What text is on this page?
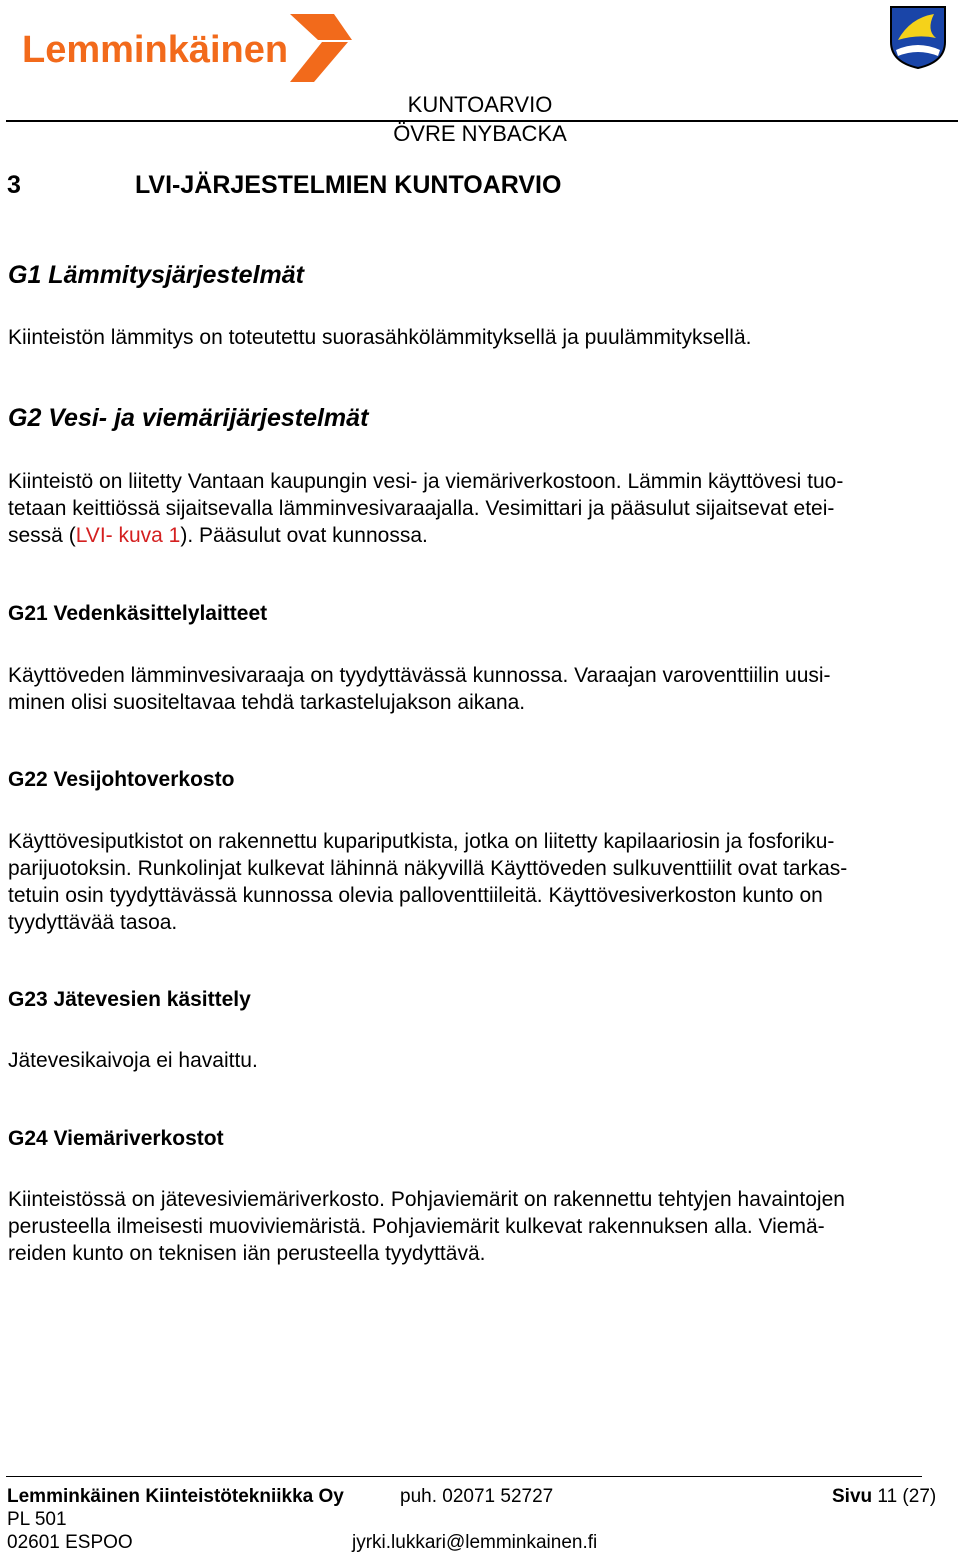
Lemminkäinen
KUNTOARVIO
ÖVRE NYBACKA
3	LVI-JÄRJESTELMIEN KUNTOARVIO
G1 Lämmitysjärjestelmät
Kiinteistön lämmitys on toteutettu suorasähkölämmityksellä ja puulämmityksellä.
G2 Vesi- ja viemärijärjestelmät
Kiinteistö on liitetty Vantaan kaupungin vesi- ja viemäriverkostoon. Lämmin käyttövesi tuo-
tetaan keittiössä sijaitsevalla lämminvesivaraajalla. Vesimittari ja pääsulut sijaitsevat etei-
sessä (LVI- kuva 1). Pääsulut ovat kunnossa.
G21 Vedenkäsittelylaitteet
Käyttöveden lämminvesivaraaja on tyydyttävässä kunnossa. Varaajan varoventtiilin uusi-
minen olisi suositeltavaa tehdä tarkastelujakson aikana.
G22 Vesijohtoverkosto
Käyttövesiputkistot on rakennettu kupariputkista, jotka on liitetty kapilaariosin ja fosforiku-
parijuotoksin. Runkolinjat kulkevat lähinnä näkyvillä Käyttöveden sulkuventtiilit ovat tarkas-
tetuin osin tyydyttävässä kunnossa olevia palloventtiileitä. Käyttövesiverkoston kunto on
tyydyttävää tasoa.
G23 Jätevesien käsittely
Jätevesikaivoja ei havaittu.
G24 Viemäriverkostot
Kiinteistössä on jätevesiviemäriverkosto. Pohjaviemärit on rakennettu tehtyjen havaintojen
perusteella ilmeisesti muoviviemäristä. Pohjaviemärit kulkevat rakennuksen alla. Viemä-
reiden kunto on teknisen iän perusteella tyydyttävä.
Lemminkäinen Kiinteistötekniikka Oy	puh. 02071 52727	Sivu 11 (27)
PL 501
02601 ESPOO	jyrki.lukkari@lemminkainen.fi
